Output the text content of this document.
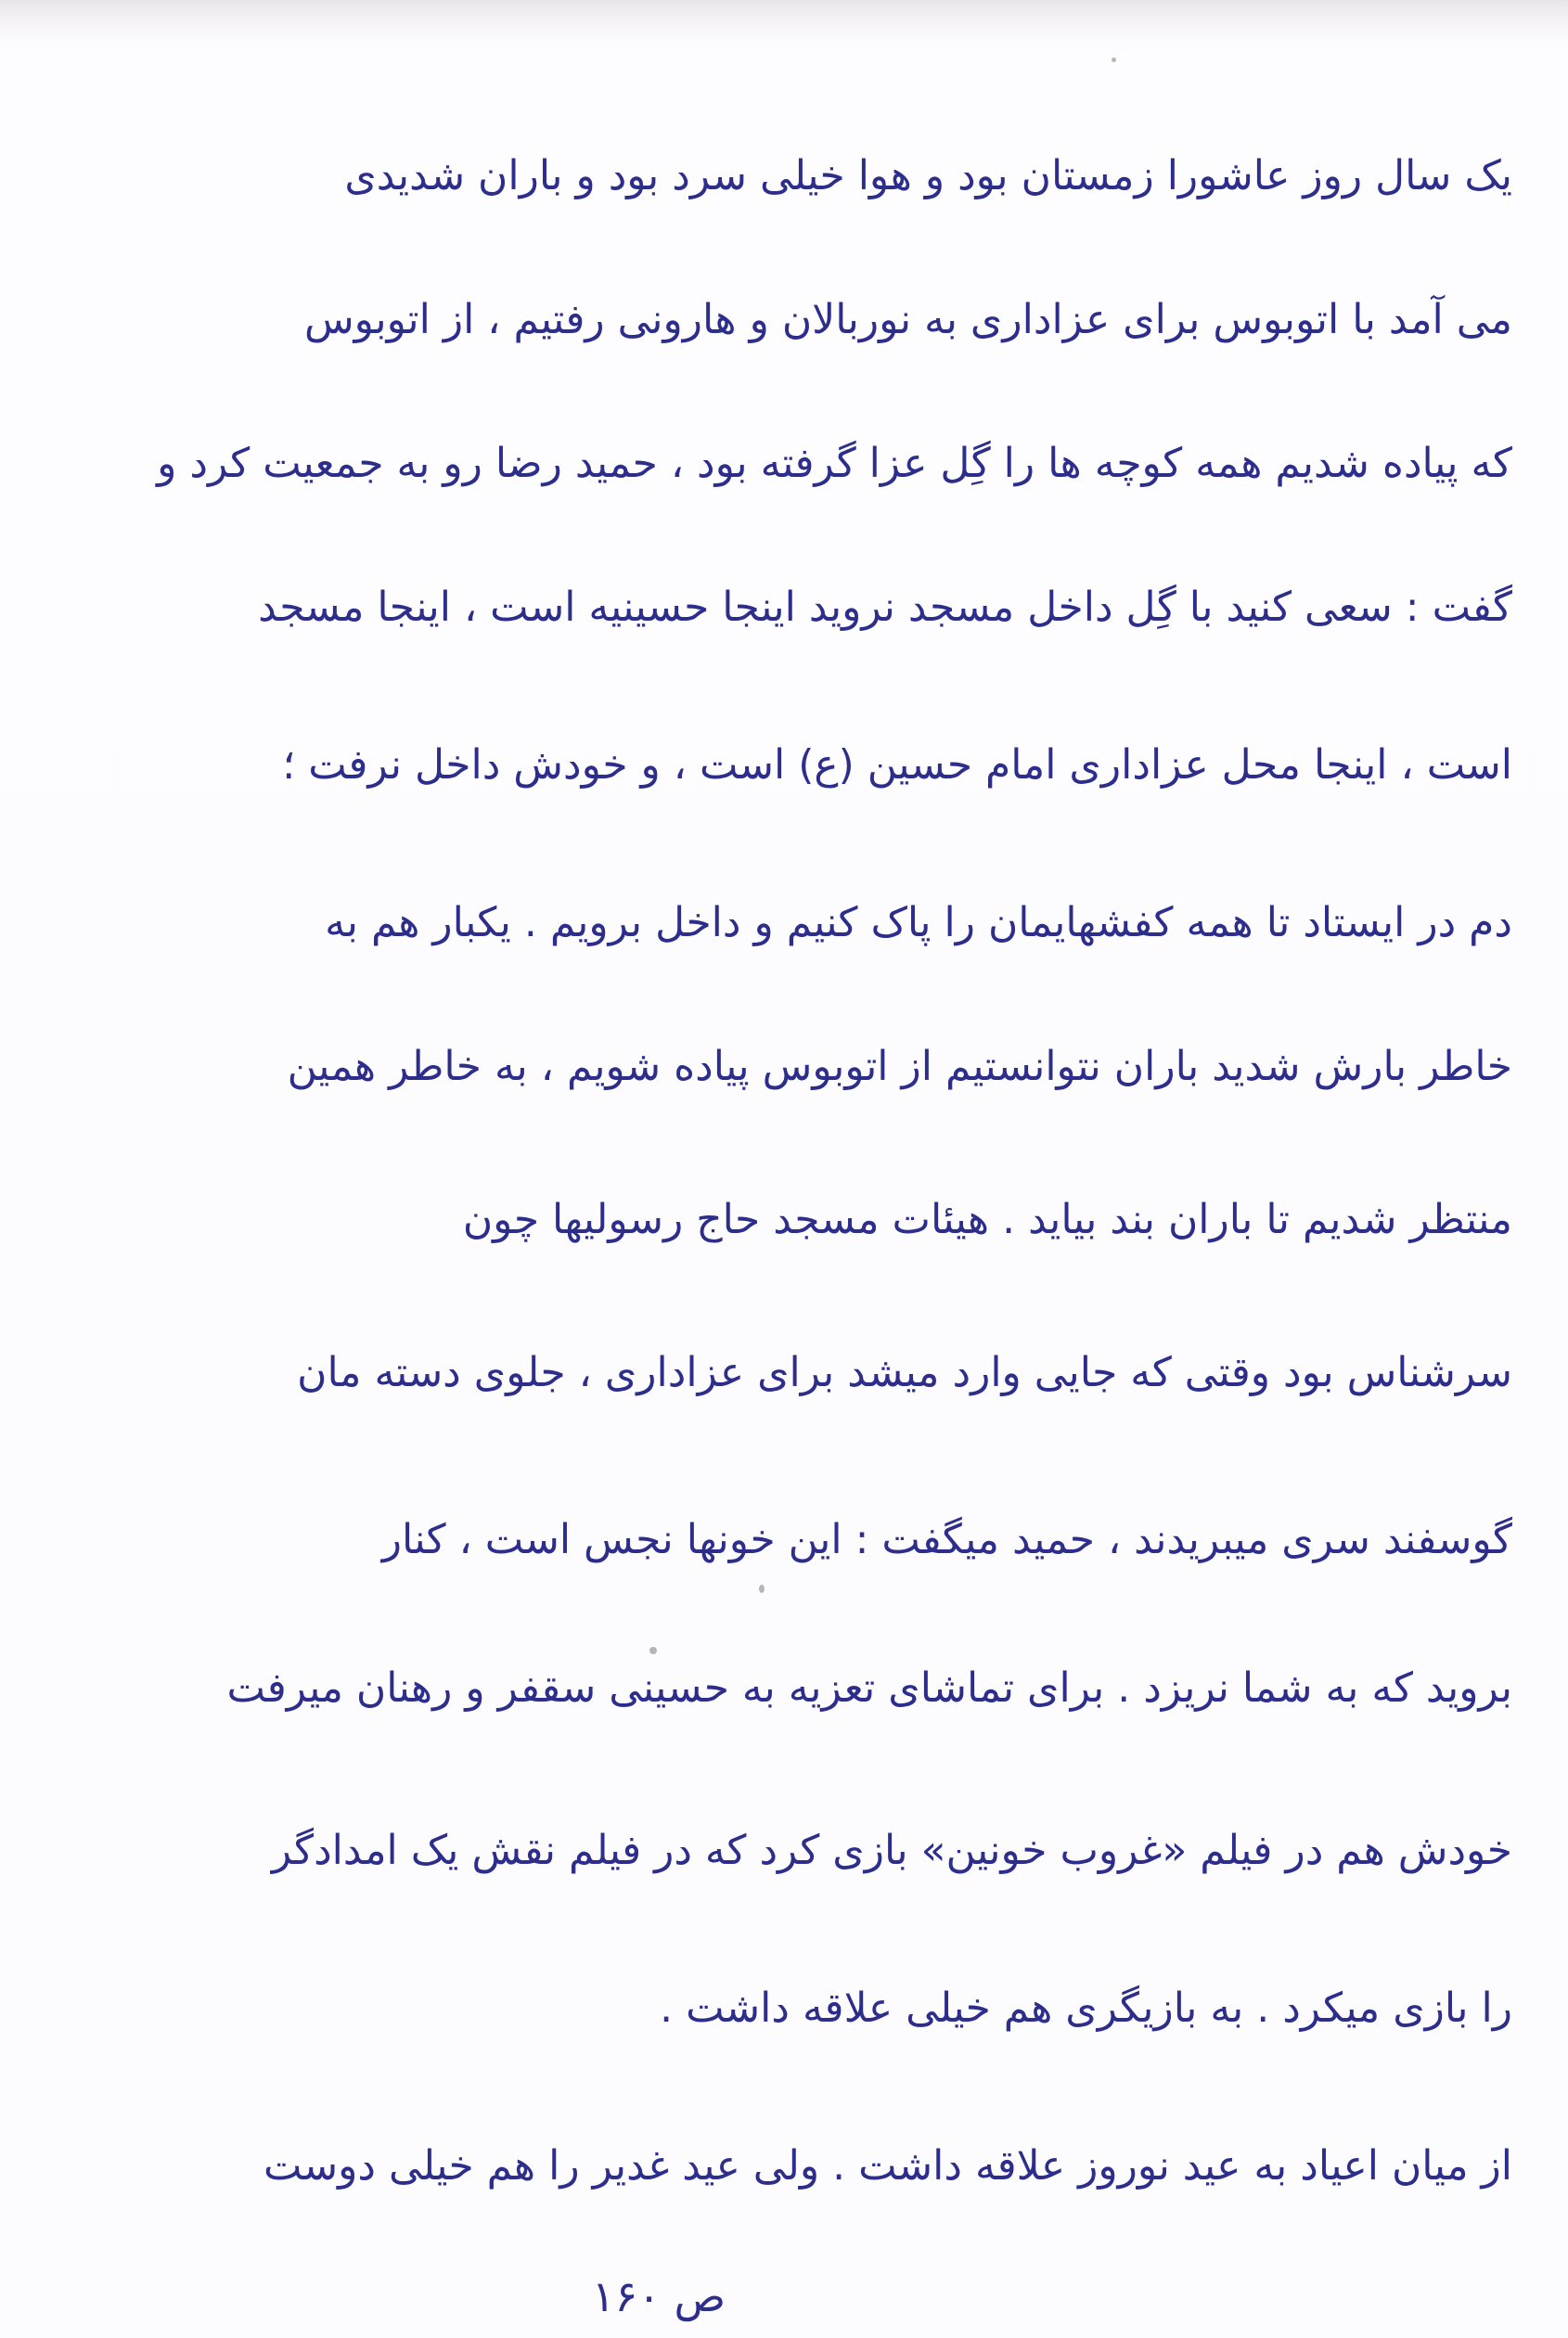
یک سال روز عاشورا زمستان بود و هوا خیلی سرد بود و باران شدیدی
می آمد با اتوبوس برای عزاداری به نوربالان و هارونی رفتیم ، از اتوبوس
که پیاده شدیم همه کوچه ها را گِل عزا گرفته بود ، حمید رضا رو به جمعیت کرد و
گفت : سعی کنید با گِل داخل مسجد نروید اینجا حسینیه است ، اینجا مسجد
است ، اینجا محل عزاداری امام حسین (ع) است ، و خودش داخل نرفت ؛
دم در ایستاد تا همه کفشهایمان را پاک کنیم و داخل برویم . یکبار هم به
خاطر بارش شدید باران نتوانستیم از اتوبوس پیاده شویم ، به خاطر همین
منتظر شدیم تا باران بند بیاید . هیئات مسجد حاج رسولیها چون
سرشناس بود وقتی که جایی وارد میشد برای عزاداری ، جلوی دسته مان
گوسفند سری میبریدند ، حمید میگفت : این خونها نجس است ، کنار
بروید که به شما نریزد . برای تماشای تعزیه به حسینی سقفر و رهنان میرفت
خودش هم در فیلم «غروب خونین» بازی کرد که در فیلم نقش یک امدادگر
را بازی میکرد . به بازیگری هم خیلی علاقه داشت .
از میان اعیاد به عید نوروز علاقه داشت . ولی عید غدیر را هم خیلی دوست
ص ۱۶۰
